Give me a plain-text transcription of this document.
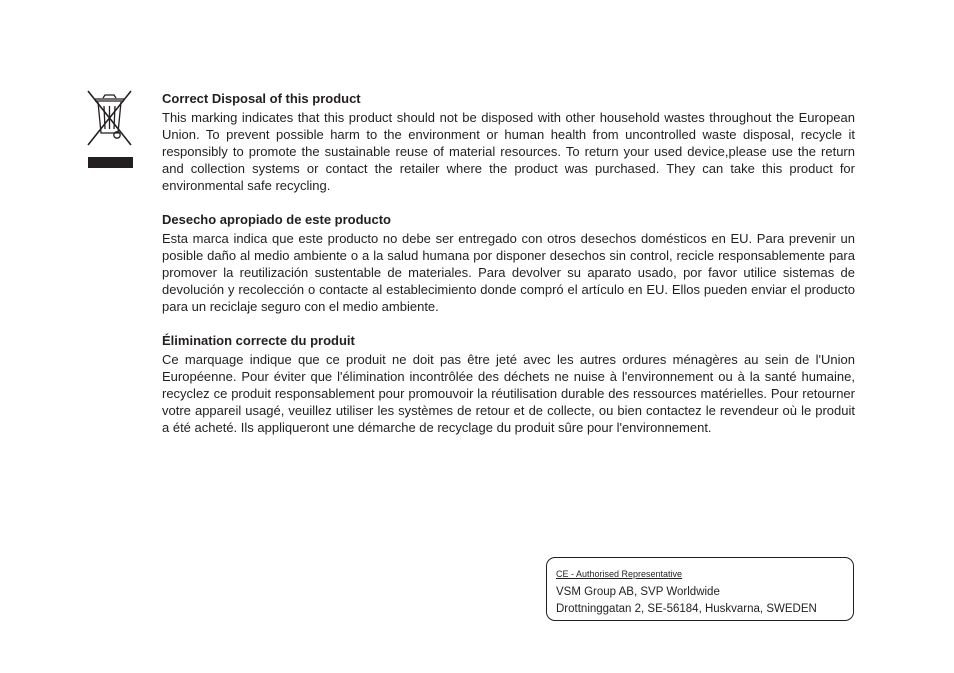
Correct Disposal of this product

This marking indicates that this product should not be disposed with other household wastes throughout the European Union. To prevent possible harm to the environment or human health from uncontrolled waste disposal, recycle it responsibly to promote the sustainable reuse of material resources. To return your used device,please use the return and collection systems or contact the retailer where the product was purchased. They can take this product for environmental safe recycling.

Desecho apropiado de este producto

Esta marca indica que este producto no debe ser entregado con otros desechos domésticos en EU. Para prevenir un posible daño al medio ambiente o a la salud humana por disponer desechos sin control, recicle responsablemente para promover la reutilización sustentable de materiales. Para devolver su aparato usado, por favor utilice sistemas de devolución y recolección o contacte al establecimiento donde compró el artículo en EU. Ellos pueden enviar el producto para un reciclaje seguro con el medio ambiente.

Élimination correcte du produit

Ce marquage indique que ce produit ne doit pas être jeté avec les autres ordures ménagères au sein de l'Union Européenne. Pour éviter que l'élimination incontrôlée des déchets ne nuise à l'environnement ou à la santé humaine, recyclez ce produit responsablement pour promouvoir la réutilisation durable des ressources matérielles. Pour retourner votre appareil usagé, veuillez utiliser les systèmes de retour et de collecte, ou bien contactez le revendeur où le produit a été acheté. Ils appliqueront une démarche de recyclage du produit sûre pour l'environnement.

CE - Authorised Representative

VSM Group AB, SVP Worldwide

Drottninggatan 2, SE-56184, Huskvarna, SWEDEN
